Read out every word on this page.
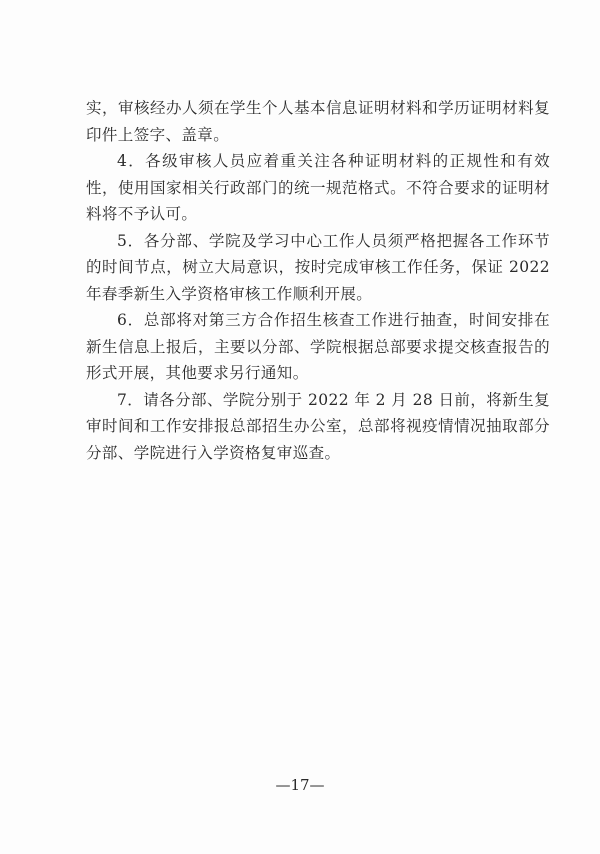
实，审核经办人须在学生个人基本信息证明材料和学历证明材料复印件上签字、盖章。

4．各级审核人员应着重关注各种证明材料的正规性和有效性，使用国家相关行政部门的统一规范格式。不符合要求的证明材料将不予认可。

5．各分部、学院及学习中心工作人员须严格把握各工作环节的时间节点，树立大局意识，按时完成审核工作任务，保证 2022 年春季新生入学资格审核工作顺利开展。

6．总部将对第三方合作招生核查工作进行抽查，时间安排在新生信息上报后，主要以分部、学院根据总部要求提交核查报告的形式开展，其他要求另行通知。

7．请各分部、学院分别于 2022 年 2 月 28 日前，将新生复审时间和工作安排报总部招生办公室，总部将视疫情情况抽取部分分部、学院进行入学资格复审巡查。

—17—
